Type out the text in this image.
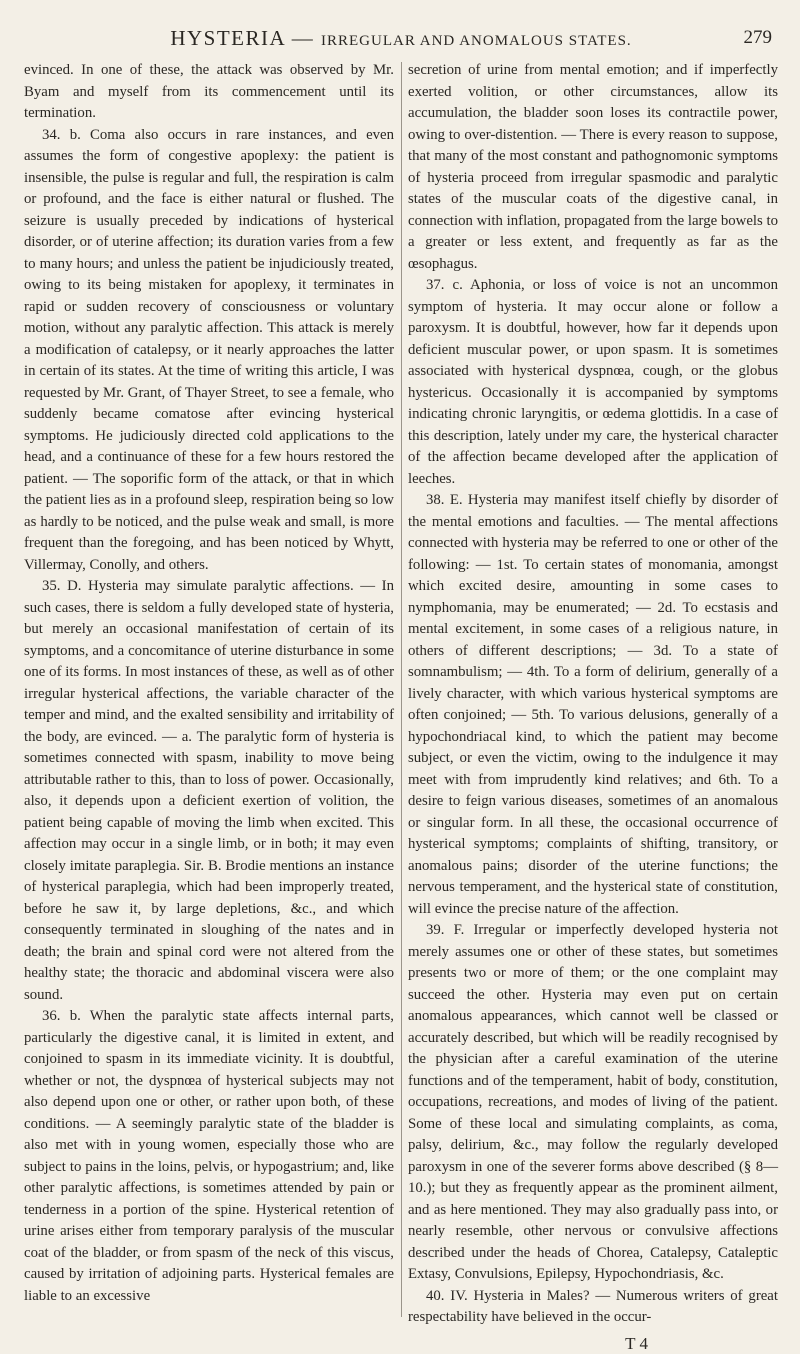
HYSTERIA — IRREGULAR AND ANOMALOUS STATES.	279

evinced. In one of these, the attack was observed by Mr. Byam and myself from its commencement until its termination.

34. b. Coma also occurs in rare instances, and even assumes the form of congestive apoplexy: the patient is insensible, the pulse is regular and full, the respiration is calm or profound, and the face is either natural or flushed. The seizure is usually preceded by indications of hysterical disorder, or of uterine affection; its duration varies from a few to many hours; and unless the patient be injudiciously treated, owing to its being mistaken for apoplexy, it terminates in rapid or sudden recovery of consciousness or voluntary motion, without any paralytic affection. This attack is merely a modification of catalepsy, or it nearly approaches the latter in certain of its states. At the time of writing this article, I was requested by Mr. Grant, of Thayer Street, to see a female, who suddenly became comatose after evincing hysterical symptoms. He judiciously directed cold applications to the head, and a continuance of these for a few hours restored the patient. — The soporific form of the attack, or that in which the patient lies as in a profound sleep, respiration being so low as hardly to be noticed, and the pulse weak and small, is more frequent than the foregoing, and has been noticed by Whytt, Villermay, Conolly, and others.

35. D. Hysteria may simulate paralytic affections. — In such cases, there is seldom a fully developed state of hysteria, but merely an occasional manifestation of certain of its symptoms, and a concomitance of uterine disturbance in some one of its forms. In most instances of these, as well as of other irregular hysterical affections, the variable character of the temper and mind, and the exalted sensibility and irritability of the body, are evinced. — a. The paralytic form of hysteria is sometimes connected with spasm, inability to move being attributable rather to this, than to loss of power. Occasionally, also, it depends upon a deficient exertion of volition, the patient being capable of moving the limb when excited. This affection may occur in a single limb, or in both; it may even closely imitate paraplegia. Sir. B. Brodie mentions an instance of hysterical paraplegia, which had been improperly treated, before he saw it, by large depletions, &c., and which consequently terminated in sloughing of the nates and in death; the brain and spinal cord were not altered from the healthy state; the thoracic and abdominal viscera were also sound.

36. b. When the paralytic state affects internal parts, particularly the digestive canal, it is limited in extent, and conjoined to spasm in its immediate vicinity. It is doubtful, whether or not, the dyspnœa of hysterical subjects may not also depend upon one or other, or rather upon both, of these conditions. — A seemingly paralytic state of the bladder is also met with in young women, especially those who are subject to pains in the loins, pelvis, or hypogastrium; and, like other paralytic affections, is sometimes attended by pain or tenderness in a portion of the spine. Hysterical retention of urine arises either from temporary paralysis of the muscular coat of the bladder, or from spasm of the neck of this viscus, caused by irritation of adjoining parts. Hysterical females are liable to an excessive

secretion of urine from mental emotion; and if imperfectly exerted volition, or other circumstances, allow its accumulation, the bladder soon loses its contractile power, owing to over-distention. — There is every reason to suppose, that many of the most constant and pathognomonic symptoms of hysteria proceed from irregular spasmodic and paralytic states of the muscular coats of the digestive canal, in connection with inflation, propagated from the large bowels to a greater or less extent, and frequently as far as the œsophagus.

37. c. Aphonia, or loss of voice is not an uncommon symptom of hysteria. It may occur alone or follow a paroxysm. It is doubtful, however, how far it depends upon deficient muscular power, or upon spasm. It is sometimes associated with hysterical dyspnœa, cough, or the globus hystericus. Occasionally it is accompanied by symptoms indicating chronic laryngitis, or œdema glottidis. In a case of this description, lately under my care, the hysterical character of the affection became developed after the application of leeches.

38. E. Hysteria may manifest itself chiefly by disorder of the mental emotions and faculties. — The mental affections connected with hysteria may be referred to one or other of the following: — 1st. To certain states of monomania, amongst which excited desire, amounting in some cases to nymphomania, may be enumerated; — 2d. To ecstasis and mental excitement, in some cases of a religious nature, in others of different descriptions; — 3d. To a state of somnambulism; — 4th. To a form of delirium, generally of a lively character, with which various hysterical symptoms are often conjoined; — 5th. To various delusions, generally of a hypochondriacal kind, to which the patient may become subject, or even the victim, owing to the indulgence it may meet with from imprudently kind relatives; and 6th. To a desire to feign various diseases, sometimes of an anomalous or singular form. In all these, the occasional occurrence of hysterical symptoms; complaints of shifting, transitory, or anomalous pains; disorder of the uterine functions; the nervous temperament, and the hysterical state of constitution, will evince the precise nature of the affection.

39. F. Irregular or imperfectly developed hysteria not merely assumes one or other of these states, but sometimes presents two or more of them; or the one complaint may succeed the other. Hysteria may even put on certain anomalous appearances, which cannot well be classed or accurately described, but which will be readily recognised by the physician after a careful examination of the uterine functions and of the temperament, habit of body, constitution, occupations, recreations, and modes of living of the patient. Some of these local and simulating complaints, as coma, palsy, delirium, &c., may follow the regularly developed paroxysm in one of the severer forms above described (§ 8—10.); but they as frequently appear as the prominent ailment, and as here mentioned. They may also gradually pass into, or nearly resemble, other nervous or convulsive affections described under the heads of Chorea, Catalepsy, Cataleptic Extasy, Convulsions, Epilepsy, Hypochondriasis, &c.

40. IV. Hysteria in Males? — Numerous writers of great respectability have believed in the occur-

T 4
